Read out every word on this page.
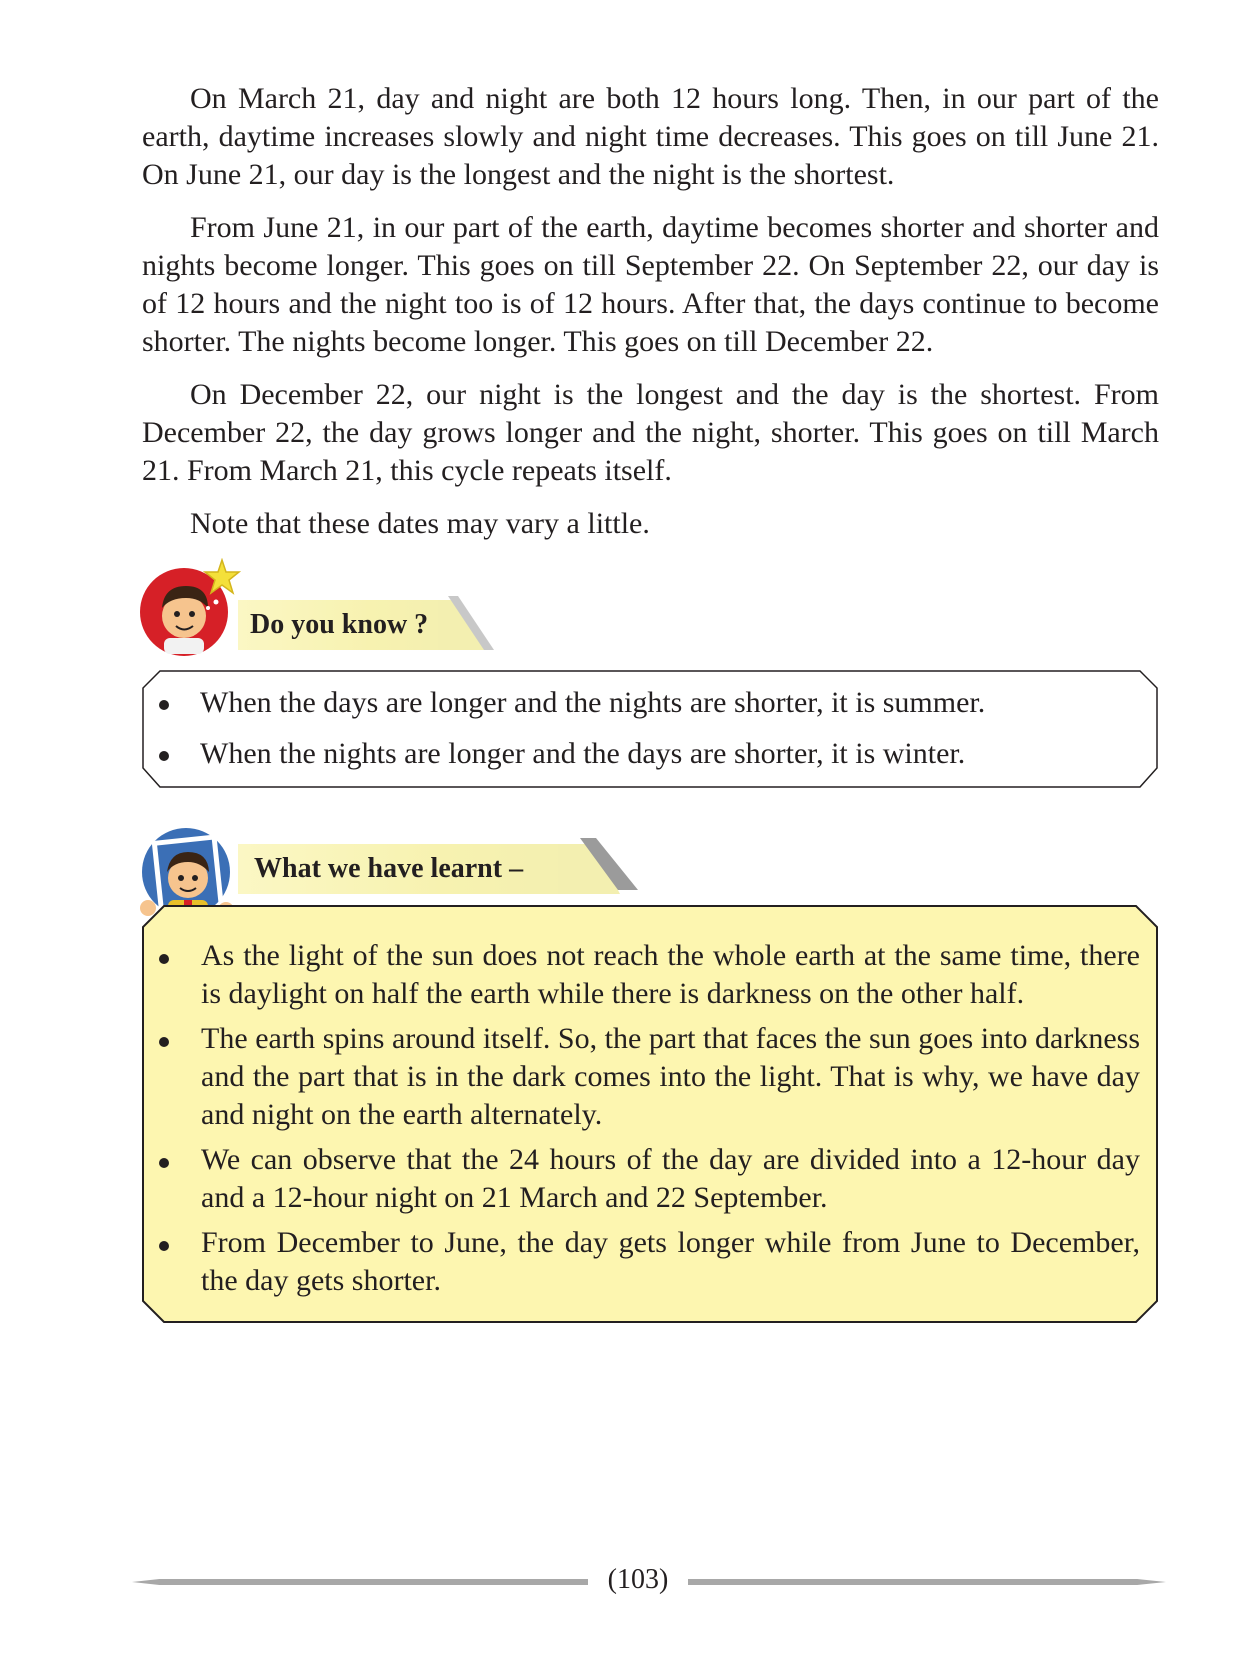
On March 21, day and night are both 12 hours long. Then, in our part of the earth, daytime increases slowly and night time decreases. This goes on till June 21. On June 21, our day is the longest and the night is the shortest.

From June 21, in our part of the earth, daytime becomes shorter and shorter and nights become longer. This goes on till September 22. On September 22, our day is of 12 hours and the night too is of 12 hours. After that, the days continue to become shorter. The nights become longer. This goes on till December 22.

On December 22, our night is the longest and the day is the shortest. From December 22, the day grows longer and the night, shorter. This goes on till March 21. From March 21, this cycle repeats itself.

Note that these dates may vary a little.

Do you know ?
When the days are longer and the nights are shorter, it is summer.
When the nights are longer and the days are shorter, it is winter.
What we have learnt –
As the light of the sun does not reach the whole earth at the same time, there is daylight on half the earth while there is darkness on the other half.
The earth spins around itself. So, the part that faces the sun goes into darkness and the part that is in the dark comes into the light. That is why, we have day and night on the earth alternately.
We can observe that the 24 hours of the day are divided into a 12-hour day and a 12-hour night on 21 March and 22 September.
From December to June, the day gets longer while from June to December, the day gets shorter.
(103)
